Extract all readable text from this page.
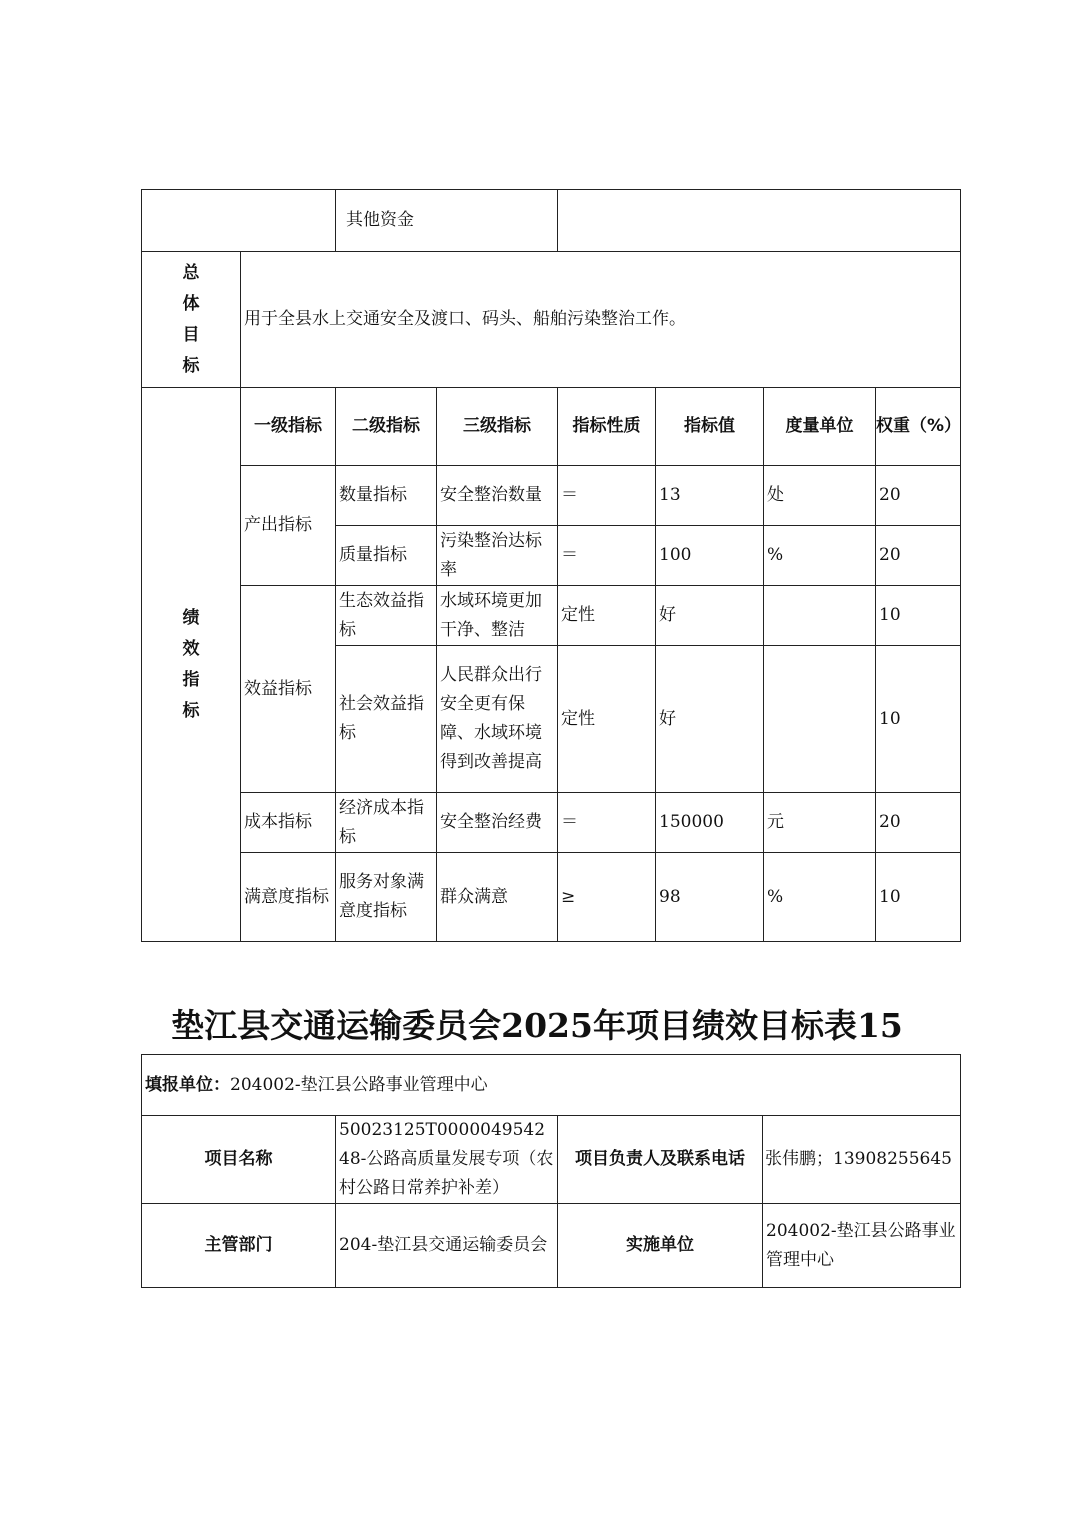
		其他资金					

总
体
目
标	用于全县水上交通安全及渡口、码头、船舶污染整治工作。						

绩
效
指
标	一级指标	二级指标	三级指标	指标性质	指标值	度量单位	权重（%）
	产出指标	数量指标	安全整治数量	＝	13	处	20
		质量指标	污染整治达标率	＝	100	%	20
	效益指标	生态效益指标	水域环境更加干净、整洁	定性	好		10
		社会效益指标	人民群众出行安全更有保障、水域环境得到改善提高	定性	好		10
	成本指标	经济成本指标	安全整治经费	＝	150000	元	20
	满意度指标	服务对象满意度指标	群众满意	≥	98	%	10
垫江县交通运输委员会2025年项目绩效目标表15
填报单位：204002-垫江县公路事业管理中心			
项目名称	50023125T000004954248-公路高质量发展专项（农村公路日常养护补差）	项目负责人及联系电话	张伟鹏；13908255645
主管部门	204-垫江县交通运输委员会	实施单位	204002-垫江县公路事业管理中心
